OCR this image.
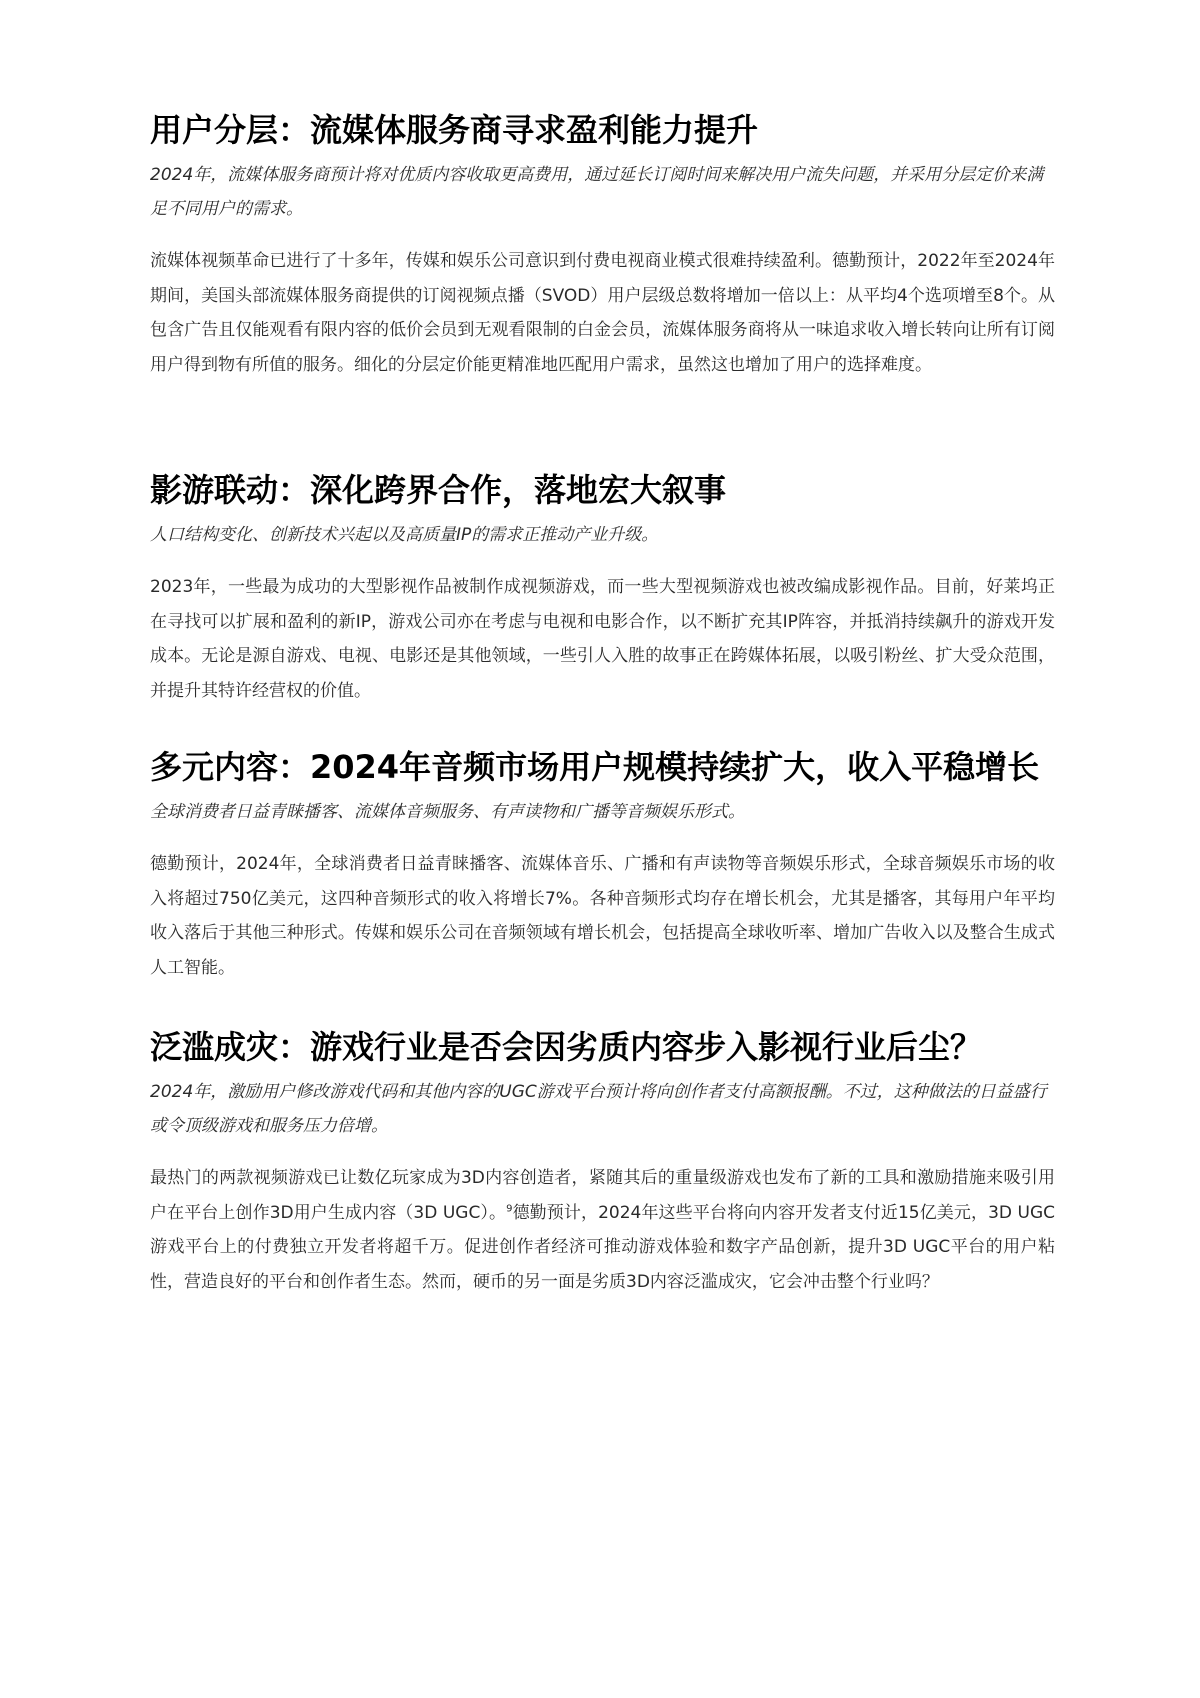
用户分层：流媒体服务商寻求盈利能力提升

2024年，流媒体服务商预计将对优质内容收取更高费用，通过延长订阅时间来解决用户流失问题，并采用分层定价来满足不同用户的需求。

流媒体视频革命已进行了十多年，传媒和娱乐公司意识到付费电视商业模式很难持续盈利。德勤预计，2022年至2024年期间，美国头部流媒体服务商提供的订阅视频点播（SVOD）用户层级总数将增加一倍以上：从平均4个选项增至8个。从包含广告且仅能观看有限内容的低价会员到无观看限制的白金会员，流媒体服务商将从一味追求收入增长转向让所有订阅用户得到物有所值的服务。细化的分层定价能更精准地匹配用户需求，虽然这也增加了用户的选择难度。

影游联动：深化跨界合作，落地宏大叙事

人口结构变化、创新技术兴起以及高质量IP的需求正推动产业升级。

2023年，一些最为成功的大型影视作品被制作成视频游戏，而一些大型视频游戏也被改编成影视作品。目前，好莱坞正在寻找可以扩展和盈利的新IP，游戏公司亦在考虑与电视和电影合作，以不断扩充其IP阵容，并抵消持续飙升的游戏开发成本。无论是源自游戏、电视、电影还是其他领域，一些引人入胜的故事正在跨媒体拓展，以吸引粉丝、扩大受众范围，并提升其特许经营权的价值。

多元内容：2024年音频市场用户规模持续扩大，收入平稳增长

全球消费者日益青睐播客、流媒体音频服务、有声读物和广播等音频娱乐形式。

德勤预计，2024年，全球消费者日益青睐播客、流媒体音乐、广播和有声读物等音频娱乐形式，全球音频娱乐市场的收入将超过750亿美元，这四种音频形式的收入将增长7%。各种音频形式均存在增长机会，尤其是播客，其每用户年平均收入落后于其他三种形式。传媒和娱乐公司在音频领域有增长机会，包括提高全球收听率、增加广告收入以及整合生成式人工智能。

泛滥成灾：游戏行业是否会因劣质内容步入影视行业后尘？

2024年，激励用户修改游戏代码和其他内容的UGC游戏平台预计将向创作者支付高额报酬。不过，这种做法的日益盛行或令顶级游戏和服务压力倍增。

最热门的两款视频游戏已让数亿玩家成为3D内容创造者，紧随其后的重量级游戏也发布了新的工具和激励措施来吸引用户在平台上创作3D用户生成内容（3D UGC）。$^9$德勤预计，2024年这些平台将向内容开发者支付近15亿美元，3D UGC游戏平台上的付费独立开发者将超千万。促进创作者经济可推动游戏体验和数字产品创新，提升3D UGC平台的用户粘性，营造良好的平台和创作者生态。然而，硬币的另一面是劣质3D内容泛滥成灾，它会冲击整个行业吗？
